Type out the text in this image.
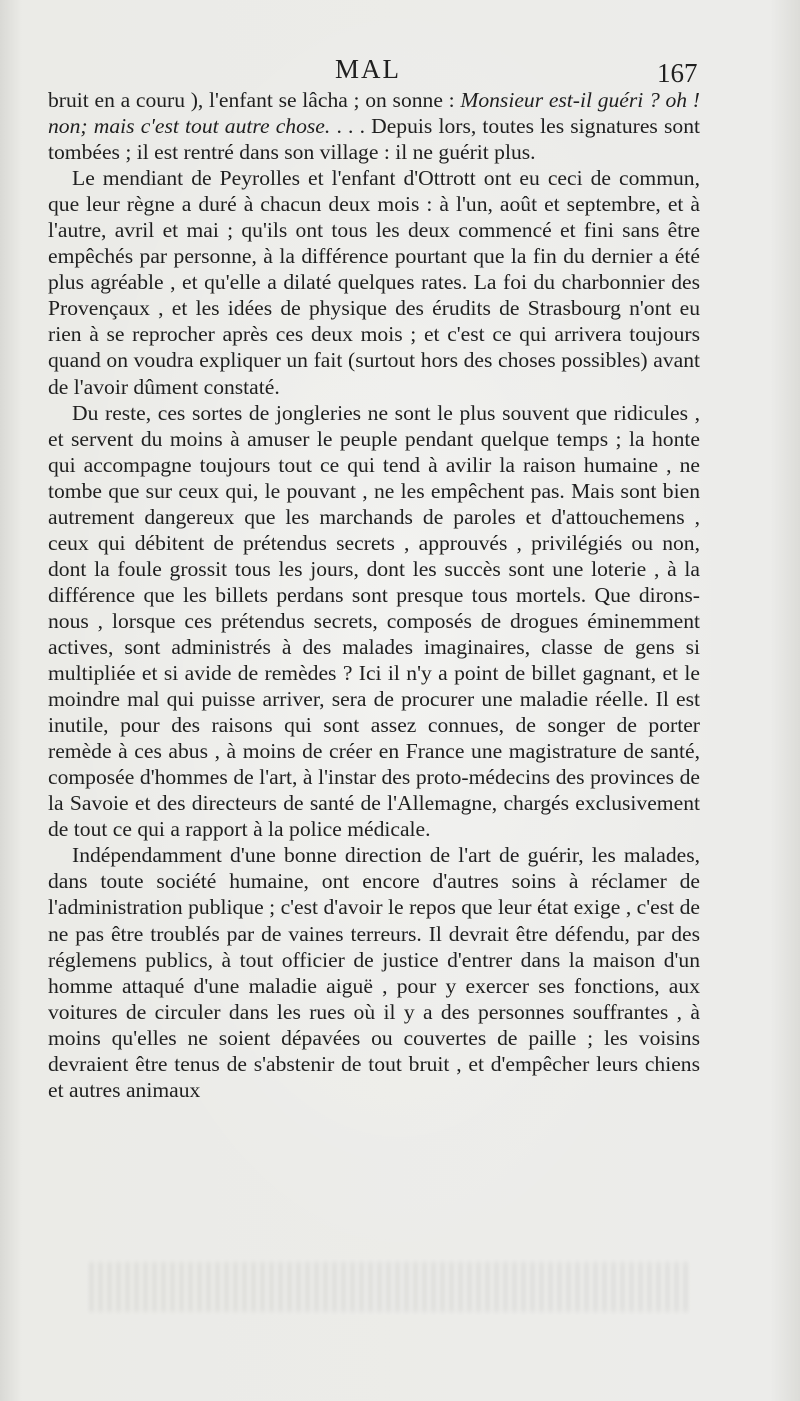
MAL	167

bruit en a couru ), l'enfant se lâcha ; on sonne : Monsieur est-il guéri ? oh ! non; mais c'est tout autre chose. . . . Depuis lors, toutes les signatures sont tombées ; il est rentré dans son village : il ne guérit plus.

Le mendiant de Peyrolles et l'enfant d'Ottrott ont eu ceci de commun, que leur règne a duré à chacun deux mois : à l'un, août et septembre, et à l'autre, avril et mai ; qu'ils ont tous les deux commencé et fini sans être empêchés par personne, à la différence pourtant que la fin du dernier a été plus agréable , et qu'elle a dilaté quelques rates. La foi du charbonnier des Provençaux , et les idées de physique des érudits de Strasbourg n'ont eu rien à se reprocher après ces deux mois ; et c'est ce qui arrivera toujours quand on voudra expliquer un fait (surtout hors des choses possibles) avant de l'avoir dûment constaté.

Du reste, ces sortes de jongleries ne sont le plus souvent que ridicules , et servent du moins à amuser le peuple pendant quelque temps ; la honte qui accompagne toujours tout ce qui tend à avilir la raison humaine , ne tombe que sur ceux qui, le pouvant , ne les empêchent pas. Mais sont bien autrement dangereux que les marchands de paroles et d'attouchemens , ceux qui débitent de prétendus secrets , approuvés , privilégiés ou non, dont la foule grossit tous les jours, dont les succès sont une loterie , à la différence que les billets perdans sont presque tous mortels. Que dirons-nous , lorsque ces prétendus secrets, composés de drogues éminemment actives, sont administrés à des malades imaginaires, classe de gens si multipliée et si avide de remèdes ? Ici il n'y a point de billet gagnant, et le moindre mal qui puisse arriver, sera de procurer une maladie réelle. Il est inutile, pour des raisons qui sont assez connues, de songer de porter remède à ces abus , à moins de créer en France une magistrature de santé, composée d'hommes de l'art, à l'instar des proto-médecins des provinces de la Savoie et des directeurs de santé de l'Allemagne, chargés exclusivement de tout ce qui a rapport à la police médicale.

Indépendamment d'une bonne direction de l'art de guérir, les malades, dans toute société humaine, ont encore d'autres soins à réclamer de l'administration publique ; c'est d'avoir le repos que leur état exige , c'est de ne pas être troublés par de vaines terreurs. Il devrait être défendu, par des réglemens publics, à tout officier de justice d'entrer dans la maison d'un homme attaqué d'une maladie aiguë , pour y exercer ses fonctions, aux voitures de circuler dans les rues où il y a des personnes souffrantes , à moins qu'elles ne soient dépavées ou couvertes de paille ; les voisins devraient être tenus de s'abstenir de tout bruit , et d'empêcher leurs chiens et autres animaux
